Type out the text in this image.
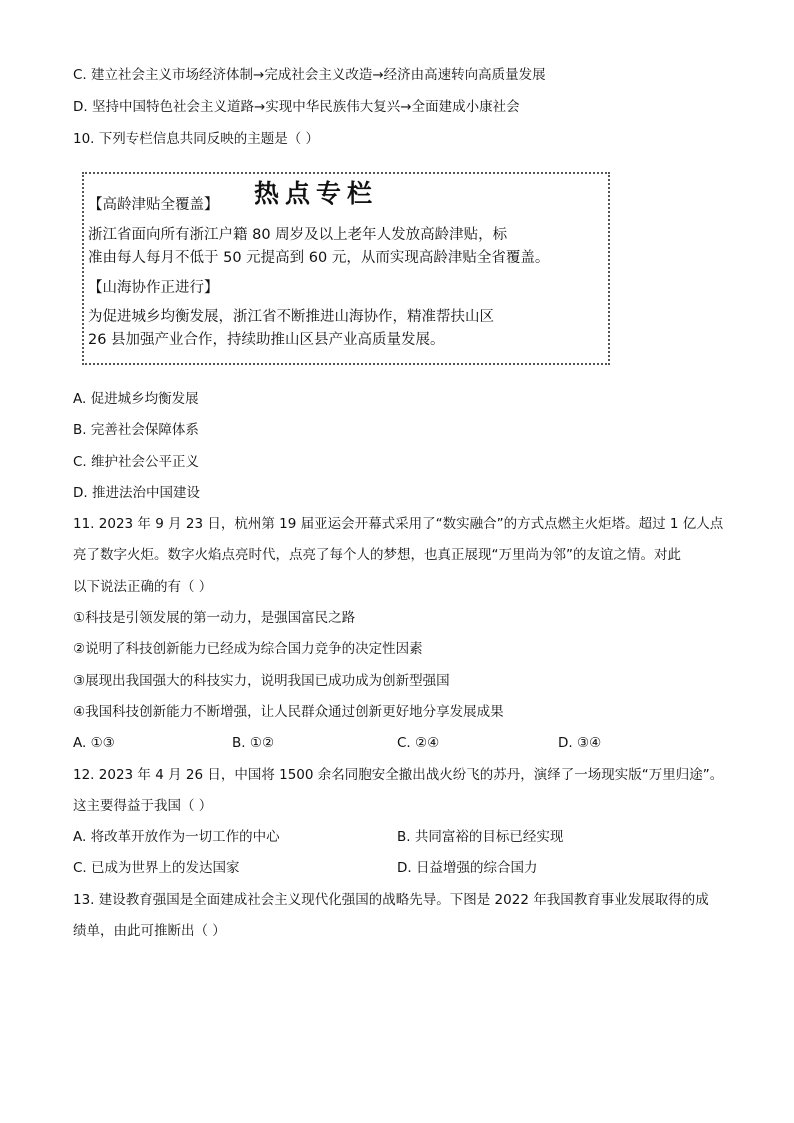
C. 建立社会主义市场经济体制→完成社会主义改造→经济由高速转向高质量发展
D. 坚持中国特色社会主义道路→实现中华民族伟大复兴→全面建成小康社会
10. 下列专栏信息共同反映的主题是（ ）
热点专栏
【高龄津贴全覆盖】
浙江省面向所有浙江户籍 80 周岁及以上老年人发放高龄津贴，标
准由每人每月不低于 50 元提高到 60 元，从而实现高龄津贴全省覆盖。
【山海协作正进行】
为促进城乡均衡发展，浙江省不断推进山海协作，精准帮扶山区
26 县加强产业合作，持续助推山区县产业高质量发展。
A. 促进城乡均衡发展
B. 完善社会保障体系
C. 维护社会公平正义
D. 推进法治中国建设
11. 2023 年 9 月 23 日，杭州第 19 届亚运会开幕式采用了“数实融合”的方式点燃主火炬塔。超过 1 亿人点
亮了数字火炬。数字火焰点亮时代，点亮了每个人的梦想，也真正展现“万里尚为邻”的友谊之情。对此
以下说法正确的有（ ）
①科技是引领发展的第一动力，是强国富民之路
②说明了科技创新能力已经成为综合国力竞争的决定性因素
③展现出我国强大的科技实力，说明我国已成功成为创新型强国
④我国科技创新能力不断增强，让人民群众通过创新更好地分享发展成果
A. ①③	B. ①②	C. ②④	D. ③④
12. 2023 年 4 月 26 日，中国将 1500 余名同胞安全撤出战火纷飞的苏丹，演绎了一场现实版“万里归途”。
这主要得益于我国（ ）
A. 将改革开放作为一切工作的中心	B. 共同富裕的目标已经实现
C. 已成为世界上的发达国家	D. 日益增强的综合国力
13. 建设教育强国是全面建成社会主义现代化强国的战略先导。下图是 2022 年我国教育事业发展取得的成
绩单，由此可推断出（ ）
